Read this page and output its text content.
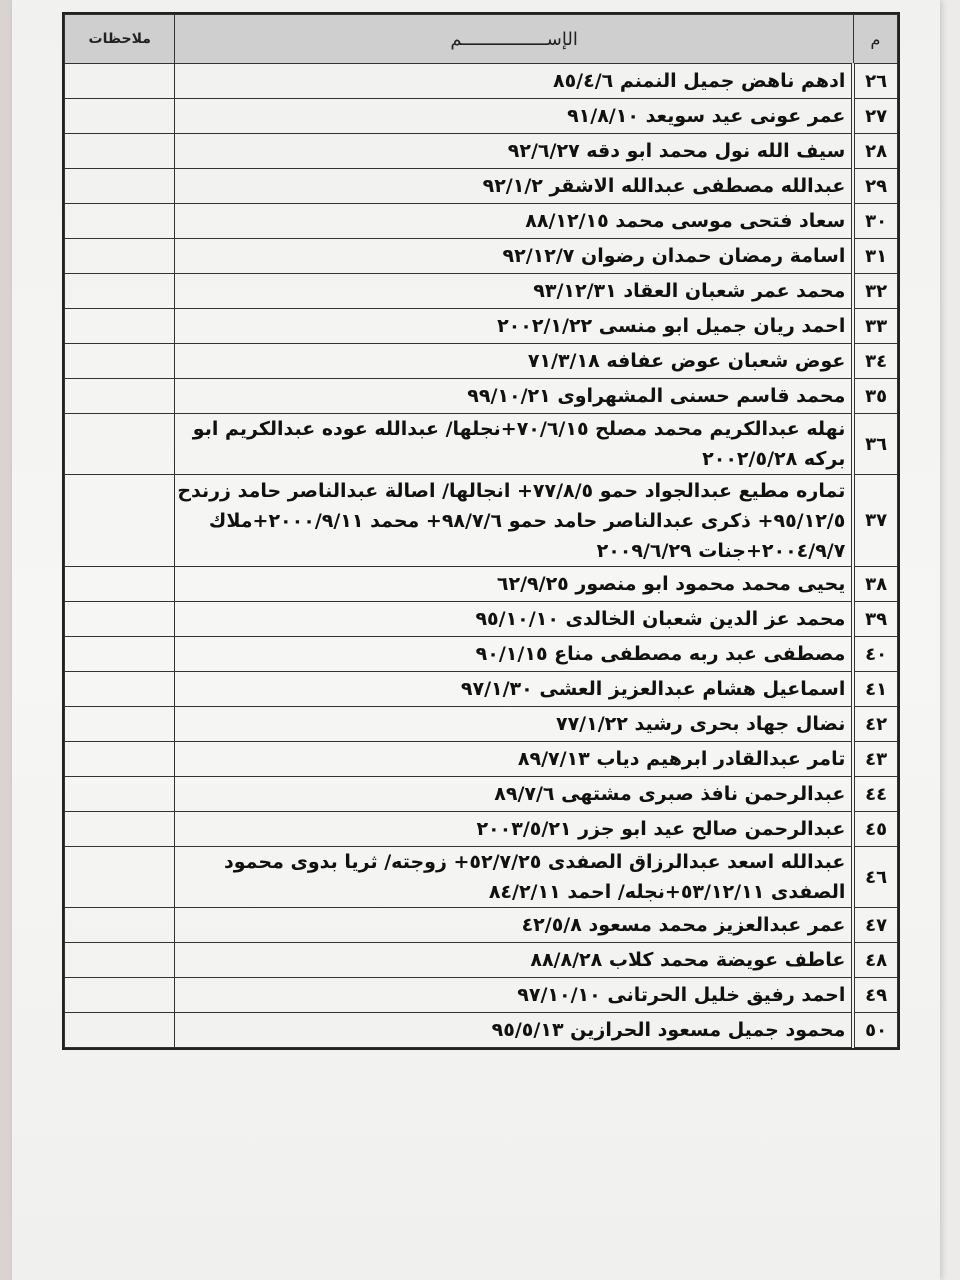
م	الإســــــــــــــــم	ملاحظات
٢٦	ادهم ناهض جميل النمنم ٨٥/٤/٦	
٢٧	عمر عونى عيد سويعد ٩١/٨/١٠	
٢٨	سيف الله نول محمد ابو دقه ٩٢/٦/٢٧	
٢٩	عبدالله مصطفى عبدالله الاشقر ٩٢/١/٢	
٣٠	سعاد فتحى موسى محمد ٨٨/١٢/١٥	
٣١	اسامة رمضان حمدان رضوان ٩٢/١٢/٧	
٣٢	محمد عمر شعبان العقاد ٩٣/١٢/٣١	
٣٣	احمد ريان جميل ابو منسى ٢٠٠٢/١/٢٢	
٣٤	عوض شعبان عوض عفافه ٧١/٣/١٨	
٣٥	محمد قاسم حسنى المشهراوى ٩٩/١٠/٢١	
٣٦	نهله عبدالكريم محمد مصلح ٧٠/٦/١٥+نجلها/ عبدالله عوده عبدالكريم ابو بركه ٢٠٠٢/٥/٢٨	
٣٧	تماره مطيع عبدالجواد حمو ٧٧/٨/٥+ انجالها/ اصالة عبدالناصر حامد زرندح ٩٥/١٢/٥+ ذكرى عبدالناصر حامد حمو ٩٨/٧/٦+ محمد ٢٠٠٠/٩/١١+ملاك ٢٠٠٤/٩/٧+جنات ٢٠٠٩/٦/٢٩	
٣٨	يحيى محمد محمود ابو منصور ٦٢/٩/٢٥	
٣٩	محمد عز الدين شعبان الخالدى ٩٥/١٠/١٠	
٤٠	مصطفى عبد ربه مصطفى مناع ٩٠/١/١٥	
٤١	اسماعيل هشام عبدالعزيز العشى ٩٧/١/٣٠	
٤٢	نضال جهاد بحرى رشيد ٧٧/١/٢٢	
٤٣	تامر عبدالقادر ابرهيم دياب ٨٩/٧/١٣	
٤٤	عبدالرحمن نافذ صبرى مشتهى ٨٩/٧/٦	
٤٥	عبدالرحمن صالح عيد ابو جزر ٢٠٠٣/٥/٢١	
٤٦	عبدالله اسعد عبدالرزاق الصفدى ٥٢/٧/٢٥+ زوجته/ ثريا بدوى محمود الصفدى ٥٣/١٢/١١+نجله/ احمد ٨٤/٢/١١	
٤٧	عمر عبدالعزيز محمد مسعود ٤٢/٥/٨	
٤٨	عاطف عويضة محمد كلاب ٨٨/٨/٢٨	
٤٩	احمد رفيق خليل الحرتانى ٩٧/١٠/١٠	
٥٠	محمود جميل مسعود الحرازين ٩٥/٥/١٣	
